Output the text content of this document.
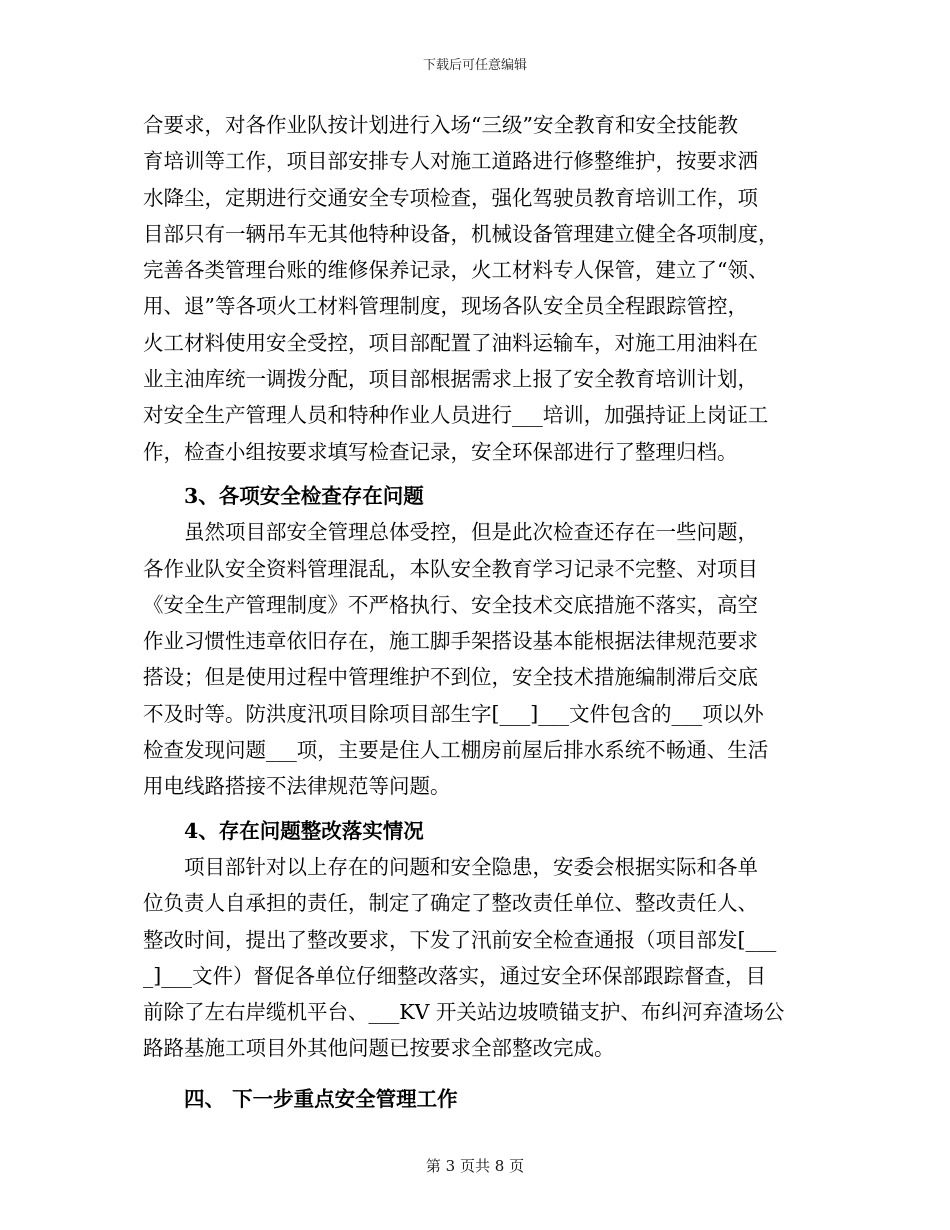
下载后可任意编辑
合要求，对各作业队按计划进行入场“三级”安全教育和安全技能教
育培训等工作，项目部安排专人对施工道路进行修整维护，按要求洒
水降尘，定期进行交通安全专项检查，强化驾驶员教育培训工作，项
目部只有一辆吊车无其他特种设备，机械设备管理建立健全各项制度，
完善各类管理台账的维修保养记录，火工材料专人保管，建立了“领、
用、退”等各项火工材料管理制度，现场各队安全员全程跟踪管控，
火工材料使用安全受控，项目部配置了油料运输车，对施工用油料在
业主油库统一调拨分配，项目部根据需求上报了安全教育培训计划，
对安全生产管理人员和特种作业人员进行___培训，加强持证上岗证工
作，检查小组按要求填写检查记录，安全环保部进行了整理归档。
3、各项安全检查存在问题
虽然项目部安全管理总体受控，但是此次检查还存在一些问题，
各作业队安全资料管理混乱，本队安全教育学习记录不完整、对项目
《安全生产管理制度》不严格执行、安全技术交底措施不落实，高空
作业习惯性违章依旧存在，施工脚手架搭设基本能根据法律规范要求
搭设；但是使用过程中管理维护不到位，安全技术措施编制滞后交底
不及时等。防洪度汛项目除项目部生字[___]___文件包含的___项以外
检查发现问题___项，主要是住人工棚房前屋后排水系统不畅通、生活
用电线路搭接不法律规范等问题。
4、存在问题整改落实情况
项目部针对以上存在的问题和安全隐患，安委会根据实际和各单
位负责人自承担的责任，制定了确定了整改责任单位、整改责任人、
整改时间，提出了整改要求，下发了汛前安全检查通报（项目部发[___
_]___文件）督促各单位仔细整改落实，通过安全环保部跟踪督查，目
前除了左右岸缆机平台、___KV 开关站边坡喷锚支护、布纠河弃渣场公
路路基施工项目外其他问题已按要求全部整改完成。
四、 下一步重点安全管理工作
第 3 页共 8 页
